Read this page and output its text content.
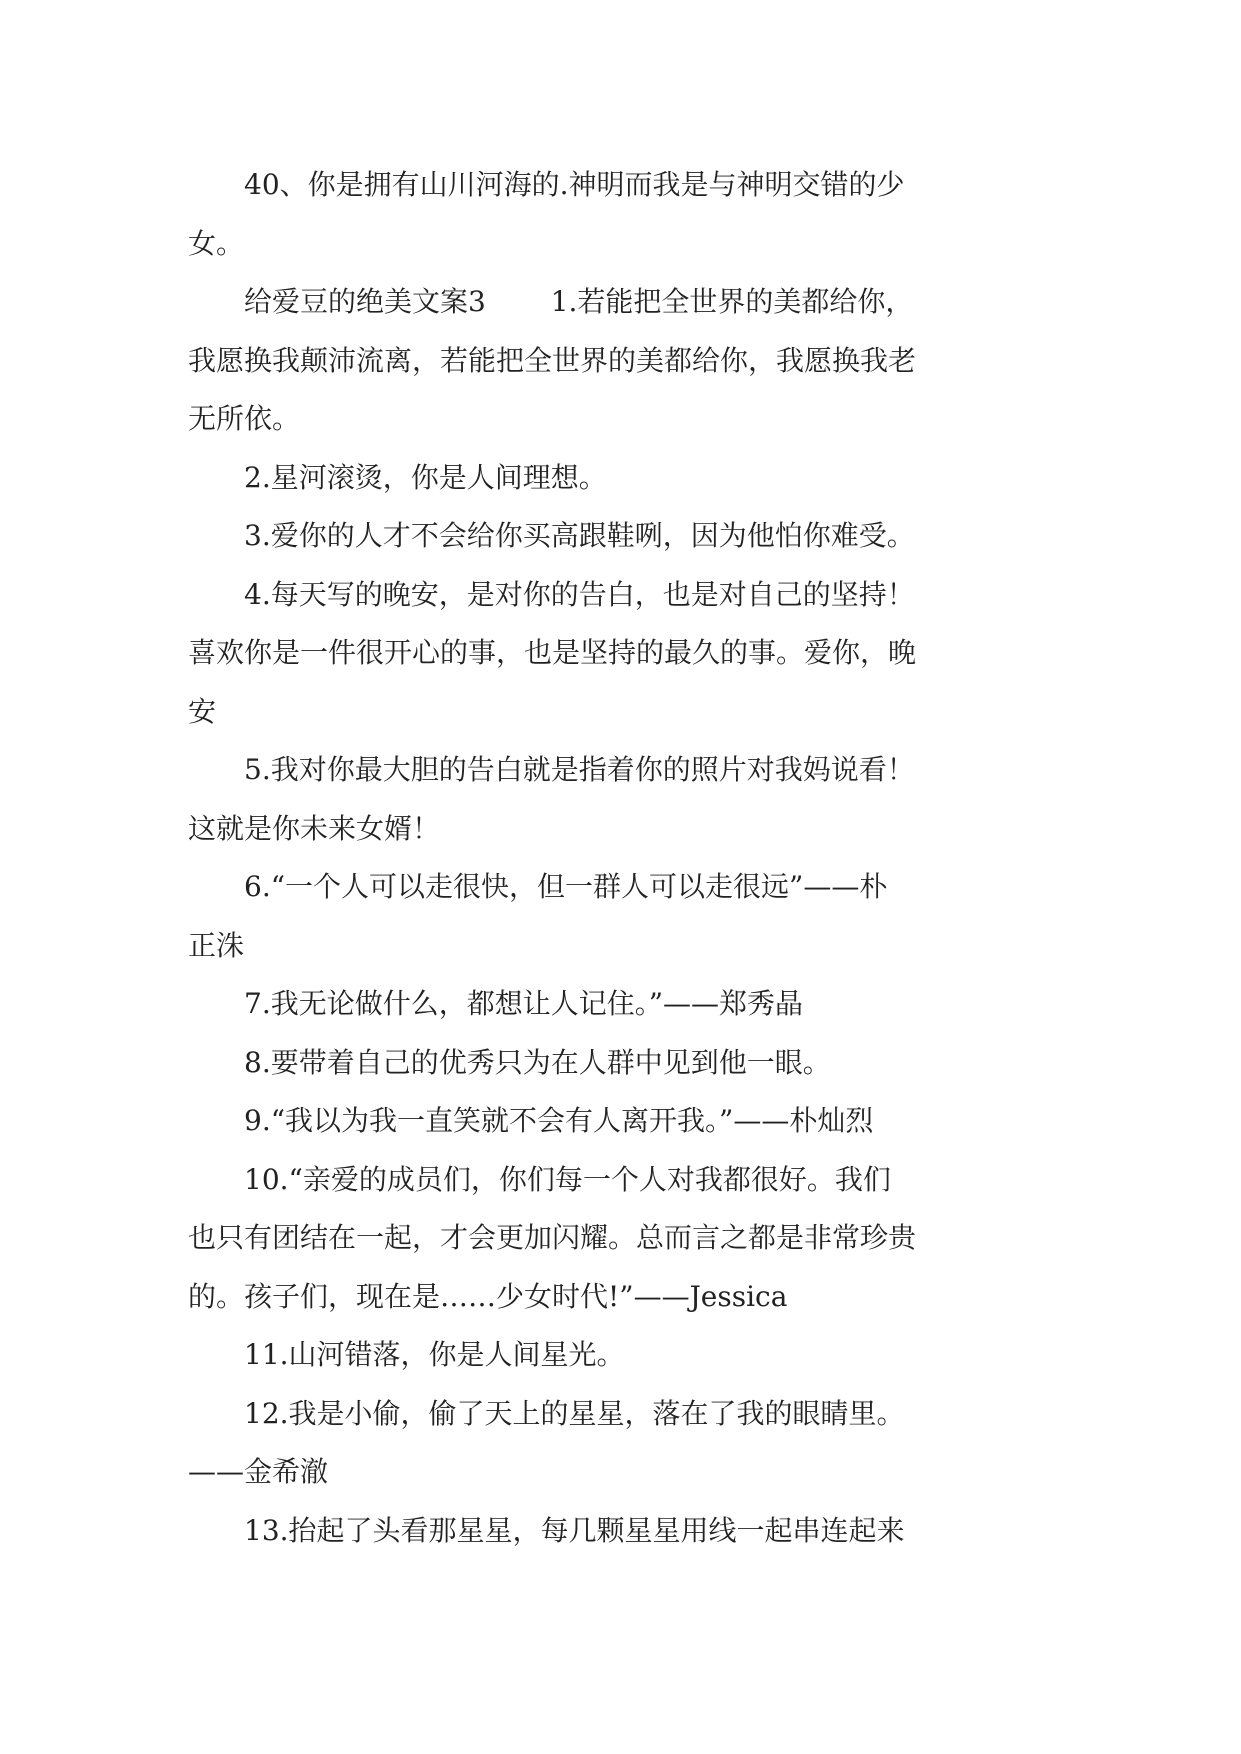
40、你是拥有山川河海的.神明而我是与神明交错的少
女。

给爱豆的绝美文案3　　 1.若能把全世界的美都给你，
我愿换我颠沛流离，若能把全世界的美都给你，我愿换我老
无所依。

2.星河滚烫，你是人间理想。

3.爱你的人才不会给你买高跟鞋咧，因为他怕你难受。

4.每天写的晚安，是对你的告白，也是对自己的坚持！
喜欢你是一件很开心的事，也是坚持的最久的事。爱你，晚
安

5.我对你最大胆的告白就是指着你的照片对我妈说看！
这就是你未来女婿！

6.“一个人可以走很快，但一群人可以走很远”——朴
正洙

7.我无论做什么，都想让人记住。”——郑秀晶

8.要带着自己的优秀只为在人群中见到他一眼。

9.“我以为我一直笑就不会有人离开我。”——朴灿烈

10.“亲爱的成员们，你们每一个人对我都很好。我们
也只有团结在一起，才会更加闪耀。总而言之都是非常珍贵
的。孩子们，现在是……少女时代!”——Jessica

11.山河错落，你是人间星光。

12.我是小偷，偷了天上的星星，落在了我的眼睛里。
——金希澈

13.抬起了头看那星星，每几颗星星用线一起串连起来
